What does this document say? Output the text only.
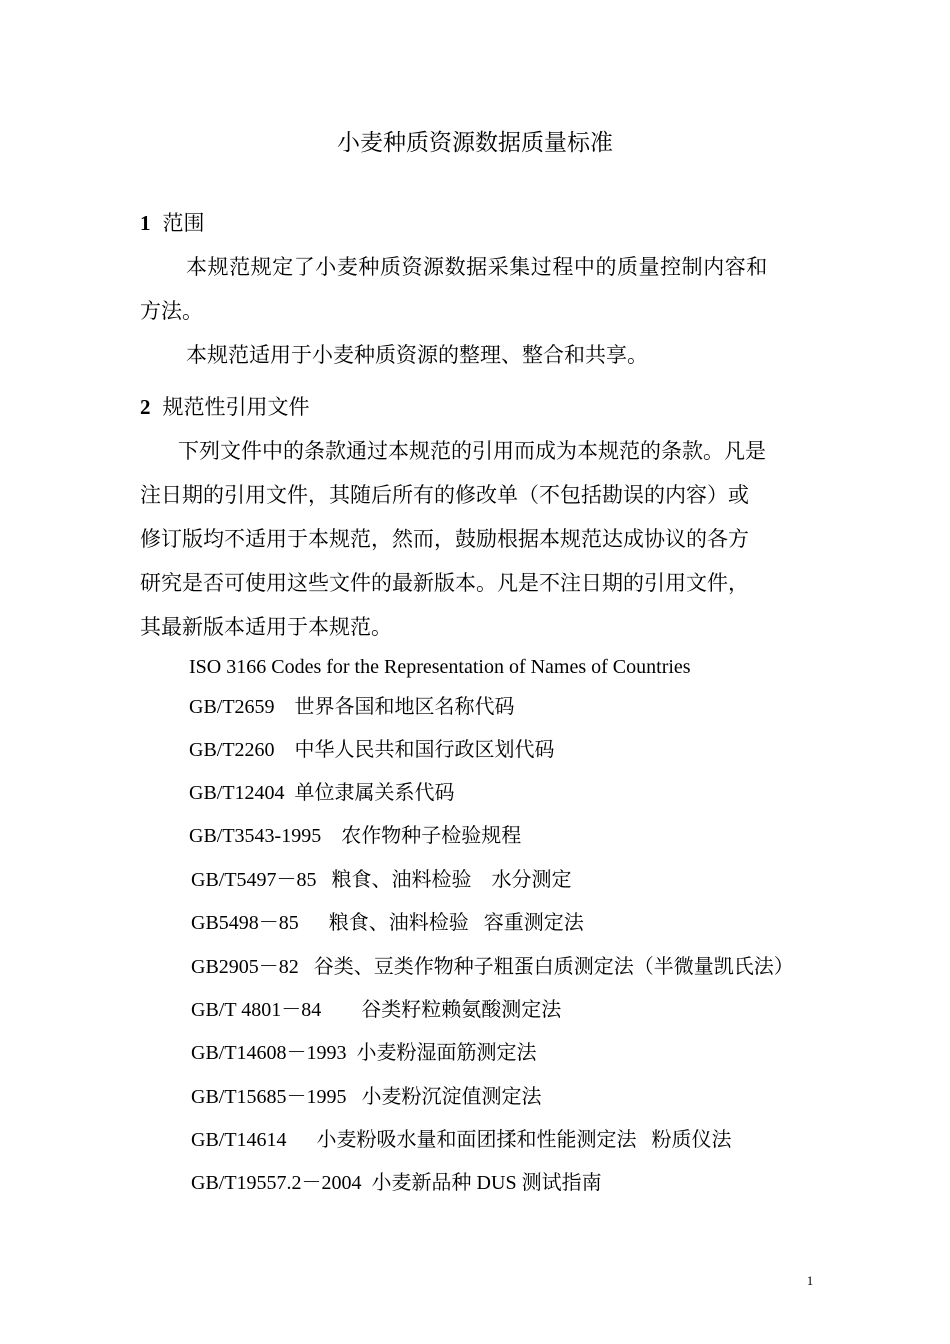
小麦种质资源数据质量标准
1 范围
本规范规定了小麦种质资源数据采集过程中的质量控制内容和
方法。
本规范适用于小麦种质资源的整理、整合和共享。
2 规范性引用文件
下列文件中的条款通过本规范的引用而成为本规范的条款。凡是
注日期的引用文件，其随后所有的修改单（不包括勘误的内容）或
修订版均不适用于本规范，然而，鼓励根据本规范达成协议的各方
研究是否可使用这些文件的最新版本。凡是不注日期的引用文件，
其最新版本适用于本规范。
ISO 3166 Codes for the Representation of Names of Countries
GB/T2659    世界各国和地区名称代码
GB/T2260    中华人民共和国行政区划代码
GB/T12404  单位隶属关系代码
GB/T3543-1995    农作物种子检验规程
GB/T5497－85   粮食、油料检验    水分测定
GB5498－85      粮食、油料检验   容重测定法
GB2905－82   谷类、豆类作物种子粗蛋白质测定法（半微量凯氏法）
GB/T 4801－84        谷类籽粒赖氨酸测定法
GB/T14608－1993  小麦粉湿面筋测定法
GB/T15685－1995   小麦粉沉淀值测定法
GB/T14614      小麦粉吸水量和面团揉和性能测定法   粉质仪法
GB/T19557.2－2004  小麦新品种 DUS 测试指南
1
